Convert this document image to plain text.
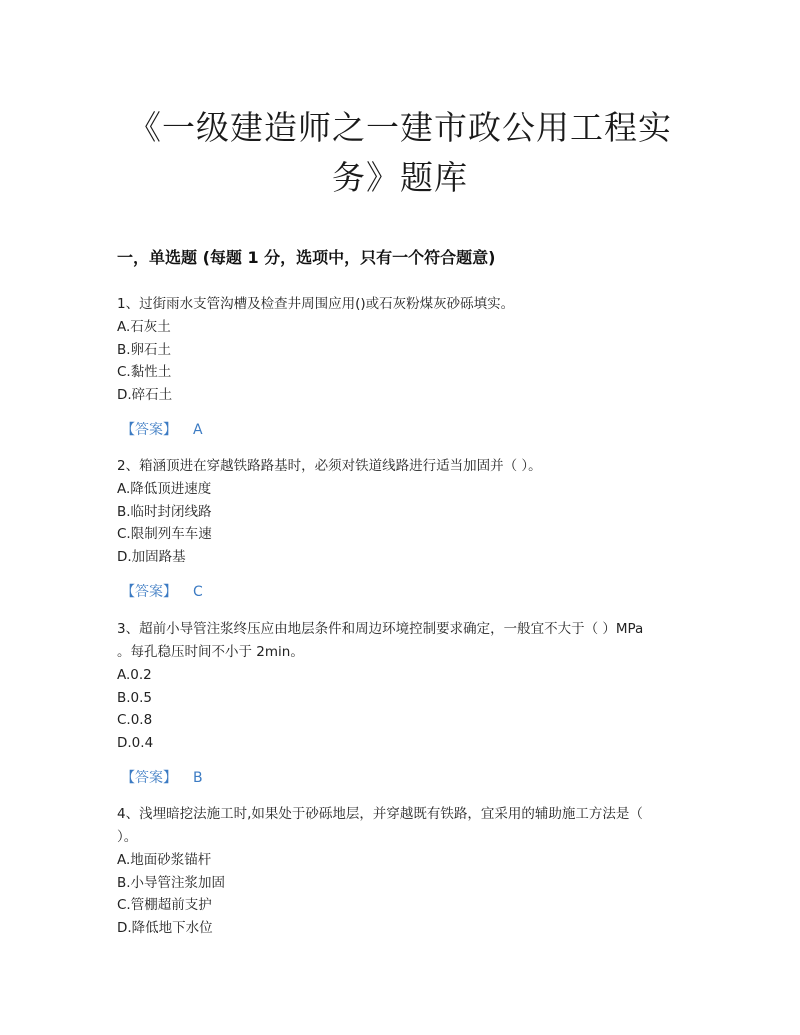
《一级建造师之一建市政公用工程实
务》题库
一，单选题 (每题 1 分，选项中，只有一个符合题意)
1、过街雨水支管沟槽及检查井周围应用()或石灰粉煤灰砂砾填实。
A.石灰土
B.卵石土
C.黏性土
D.碎石土
【答案】 A
2、箱涵顶进在穿越铁路路基时，必须对铁道线路进行适当加固并（ ）。
A.降低顶进速度
B.临时封闭线路
C.限制列车车速
D.加固路基
【答案】 C
3、超前小导管注浆终压应由地层条件和周边环境控制要求确定，一般宜不大于（ ）MPa
。每孔稳压时间不小于 2min。
A.0.2
B.0.5
C.0.8
D.0.4
【答案】 B
4、浅埋暗挖法施工时,如果处于砂砾地层，并穿越既有铁路，宜采用的辅助施工方法是（
）。
A.地面砂浆锚杆
B.小导管注浆加固
C.管棚超前支护
D.降低地下水位
